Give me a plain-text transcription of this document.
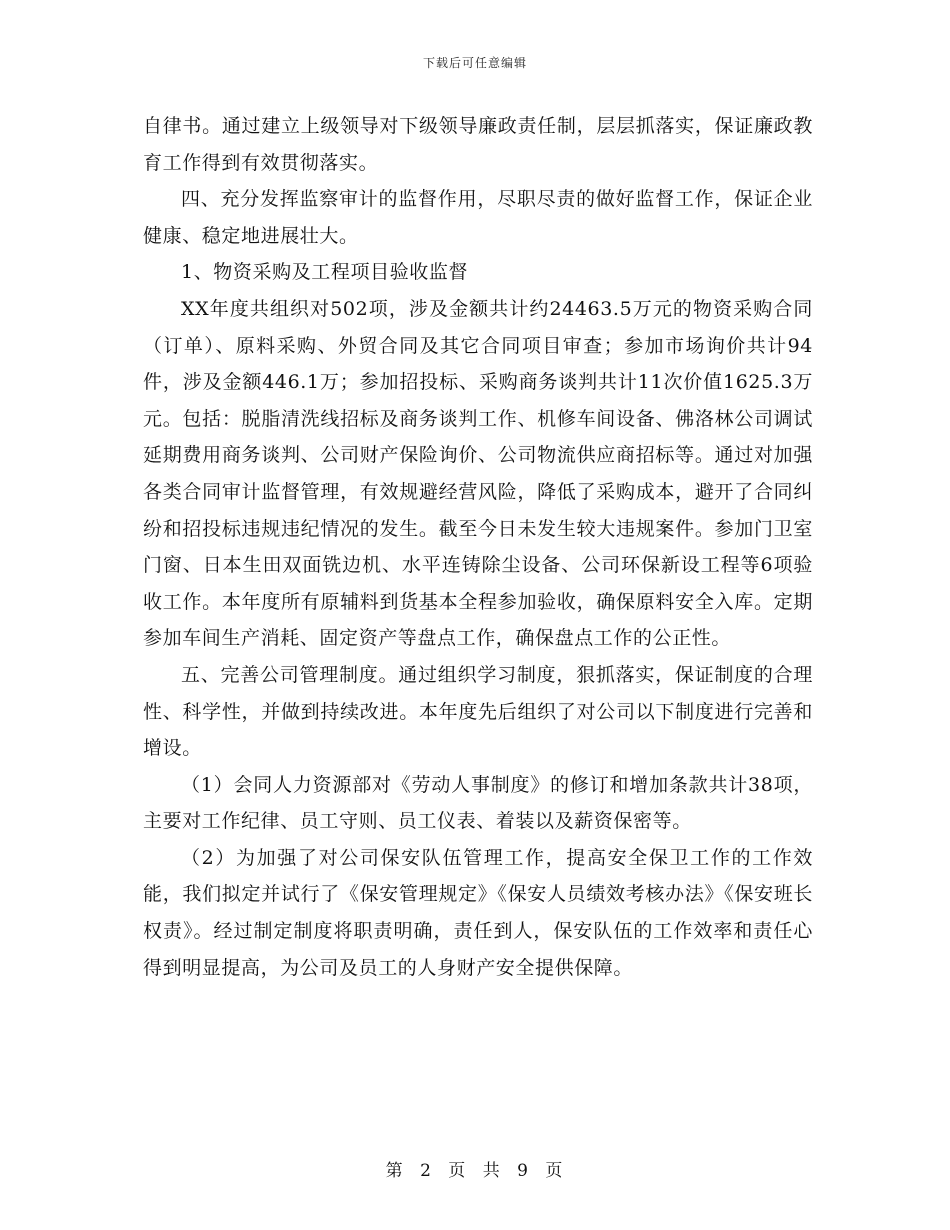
下载后可任意编辑

自律书。通过建立上级领导对下级领导廉政责任制，层层抓落实，保证廉政教育工作得到有效贯彻落实。

四、充分发挥监察审计的监督作用，尽职尽责的做好监督工作，保证企业健康、稳定地进展壮大。

1、物资采购及工程项目验收监督

XX年度共组织对502项，涉及金额共计约24463.5万元的物资采购合同（订单）、原料采购、外贸合同及其它合同项目审查；参加市场询价共计94件，涉及金额446.1万；参加招投标、采购商务谈判共计11次价值1625.3万元。包括：脱脂清洗线招标及商务谈判工作、机修车间设备、佛洛林公司调试延期费用商务谈判、公司财产保险询价、公司物流供应商招标等。通过对加强各类合同审计监督管理，有效规避经营风险，降低了采购成本，避开了合同纠纷和招投标违规违纪情况的发生。截至今日未发生较大违规案件。参加门卫室门窗、日本生田双面铣边机、水平连铸除尘设备、公司环保新设工程等6项验收工作。本年度所有原辅料到货基本全程参加验收，确保原料安全入库。定期参加车间生产消耗、固定资产等盘点工作，确保盘点工作的公正性。

五、完善公司管理制度。通过组织学习制度，狠抓落实，保证制度的合理性、科学性，并做到持续改进。本年度先后组织了对公司以下制度进行完善和增设。

（1）会同人力资源部对《劳动人事制度》的修订和增加条款共计38项，主要对工作纪律、员工守则、员工仪表、着装以及薪资保密等。

（2）为加强了对公司保安队伍管理工作，提高安全保卫工作的工作效能，我们拟定并试行了《保安管理规定》《保安人员绩效考核办法》《保安班长权责》。经过制定制度将职责明确，责任到人，保安队伍的工作效率和责任心得到明显提高，为公司及员工的人身财产安全提供保障。

第 2 页 共 9 页
